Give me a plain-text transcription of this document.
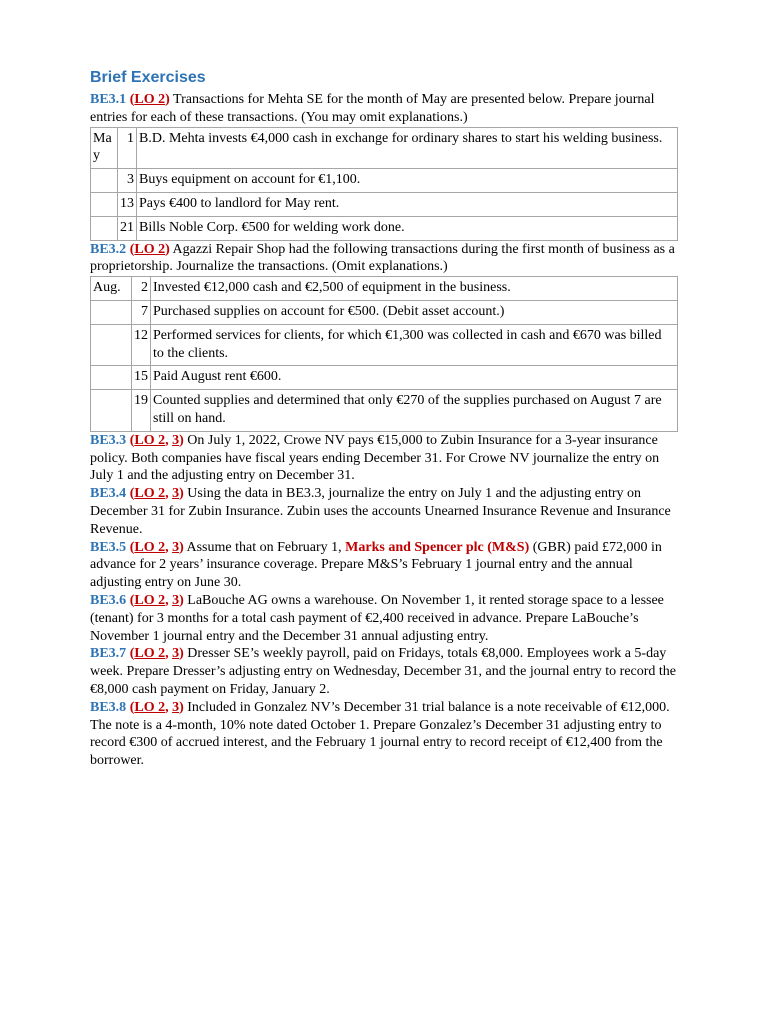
Brief Exercises

BE3.1 (LO 2) Transactions for Mehta SE for the month of May are presented below. Prepare journal entries for each of these transactions. (You may omit explanations.)

May	1	B.D. Mehta invests €4,000 cash in exchange for ordinary shares to start his welding business.
	3	Buys equipment on account for €1,100.
	13	Pays €400 to landlord for May rent.
	21	Bills Noble Corp. €500 for welding work done.

BE3.2 (LO 2) Agazzi Repair Shop had the following transactions during the first month of business as a proprietorship. Journalize the transactions. (Omit explanations.)

Aug.	2	Invested €12,000 cash and €2,500 of equipment in the business.
	7	Purchased supplies on account for €500. (Debit asset account.)
	12	Performed services for clients, for which €1,300 was collected in cash and €670 was billed to the clients.
	15	Paid August rent €600.
	19	Counted supplies and determined that only €270 of the supplies purchased on August 7 are still on hand.

BE3.3 (LO 2, 3) On July 1, 2022, Crowe NV pays €15,000 to Zubin Insurance for a 3-year insurance policy. Both companies have fiscal years ending December 31. For Crowe NV journalize the entry on July 1 and the adjusting entry on December 31.

BE3.4 (LO 2, 3) Using the data in BE3.3, journalize the entry on July 1 and the adjusting entry on December 31 for Zubin Insurance. Zubin uses the accounts Unearned Insurance Revenue and Insurance Revenue.

BE3.5 (LO 2, 3) Assume that on February 1, Marks and Spencer plc (M&S) (GBR) paid £72,000 in advance for 2 years’ insurance coverage. Prepare M&S’s February 1 journal entry and the annual adjusting entry on June 30.

BE3.6 (LO 2, 3) LaBouche AG owns a warehouse. On November 1, it rented storage space to a lessee (tenant) for 3 months for a total cash payment of €2,400 received in advance. Prepare LaBouche’s November 1 journal entry and the December 31 annual adjusting entry.

BE3.7 (LO 2, 3) Dresser SE’s weekly payroll, paid on Fridays, totals €8,000. Employees work a 5-day week. Prepare Dresser’s adjusting entry on Wednesday, December 31, and the journal entry to record the €8,000 cash payment on Friday, January 2.

BE3.8 (LO 2, 3) Included in Gonzalez NV’s December 31 trial balance is a note receivable of €12,000. The note is a 4-month, 10% note dated October 1. Prepare Gonzalez’s December 31 adjusting entry to record €300 of accrued interest, and the February 1 journal entry to record receipt of €12,400 from the borrower.
